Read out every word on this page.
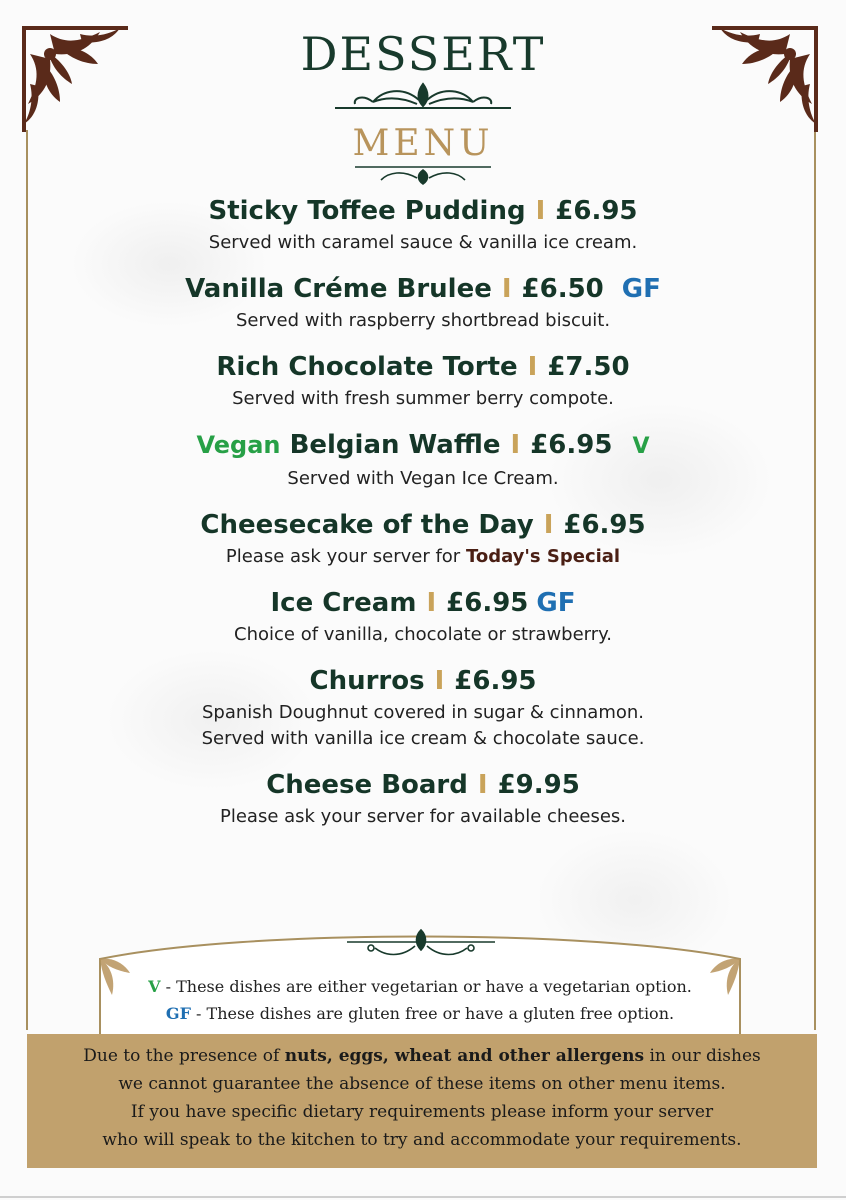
DESSERT
MENU
Sticky Toffee Pudding I £6.95
Served with caramel sauce & vanilla ice cream.
Vanilla Créme Brulee I £6.50 GF
Served with raspberry shortbread biscuit.
Rich Chocolate Torte I £7.50
Served with fresh summer berry compote.
Vegan Belgian Waffle I £6.95 V
Served with Vegan Ice Cream.
Cheesecake of the Day I £6.95
Please ask your server for Today's Special
Ice Cream I £6.95 GF
Choice of vanilla, chocolate or strawberry.
Churros I £6.95
Spanish Doughnut covered in sugar & cinnamon.
Served with vanilla ice cream & chocolate sauce.
Cheese Board I £9.95
Please ask your server for available cheeses.
V - These dishes are either vegetarian or have a vegetarian option.
GF - These dishes are gluten free or have a gluten free option.
Due to the presence of nuts, eggs, wheat and other allergens in our dishes
we cannot guarantee the absence of these items on other menu items.
If you have specific dietary requirements please inform your server
who will speak to the kitchen to try and accommodate your requirements.
